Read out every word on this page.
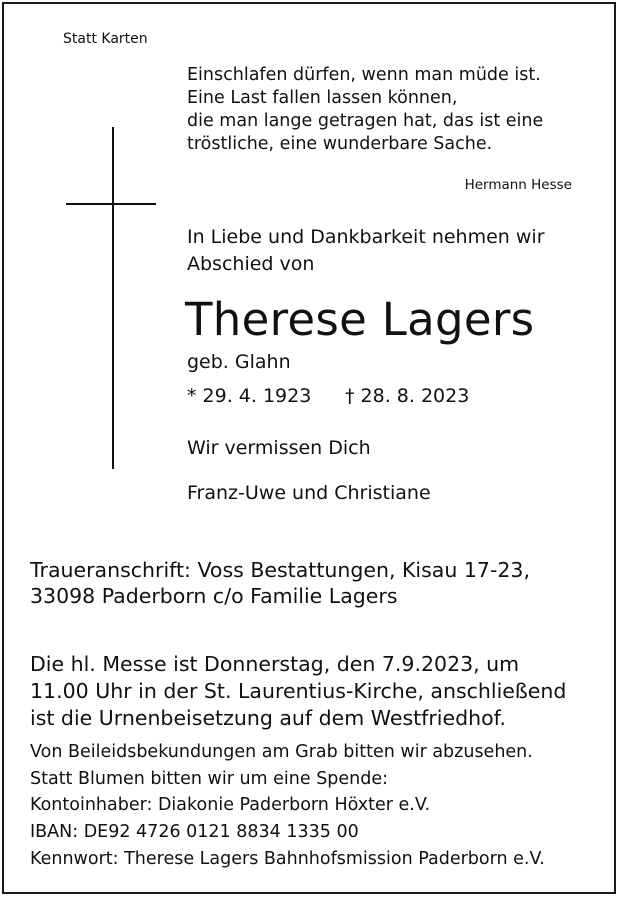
Statt Karten

Einschlafen dürfen, wenn man müde ist.

Eine Last fallen lassen können,

die man lange getragen hat, das ist eine

tröstliche, eine wunderbare Sache.

Hermann Hesse

In Liebe und Dankbarkeit nehmen wir

Abschied von

Therese Lagers

geb. Glahn

* 29. 4. 1923 † 28. 8. 2023

Wir vermissen Dich

Franz-Uwe und Christiane

Traueranschrift: Voss Bestattungen, Kisau 17-23,

33098 Paderborn c/o Familie Lagers

Die hl. Messe ist Donnerstag, den 7.9.2023, um

11.00 Uhr in der St. Laurentius-Kirche, anschließend

ist die Urnenbeisetzung auf dem Westfriedhof.

Von Beileidsbekundungen am Grab bitten wir abzusehen.

Statt Blumen bitten wir um eine Spende:

Kontoinhaber: Diakonie Paderborn Höxter e.V.

IBAN: DE92 4726 0121 8834 1335 00

Kennwort: Therese Lagers Bahnhofsmission Paderborn e.V.
